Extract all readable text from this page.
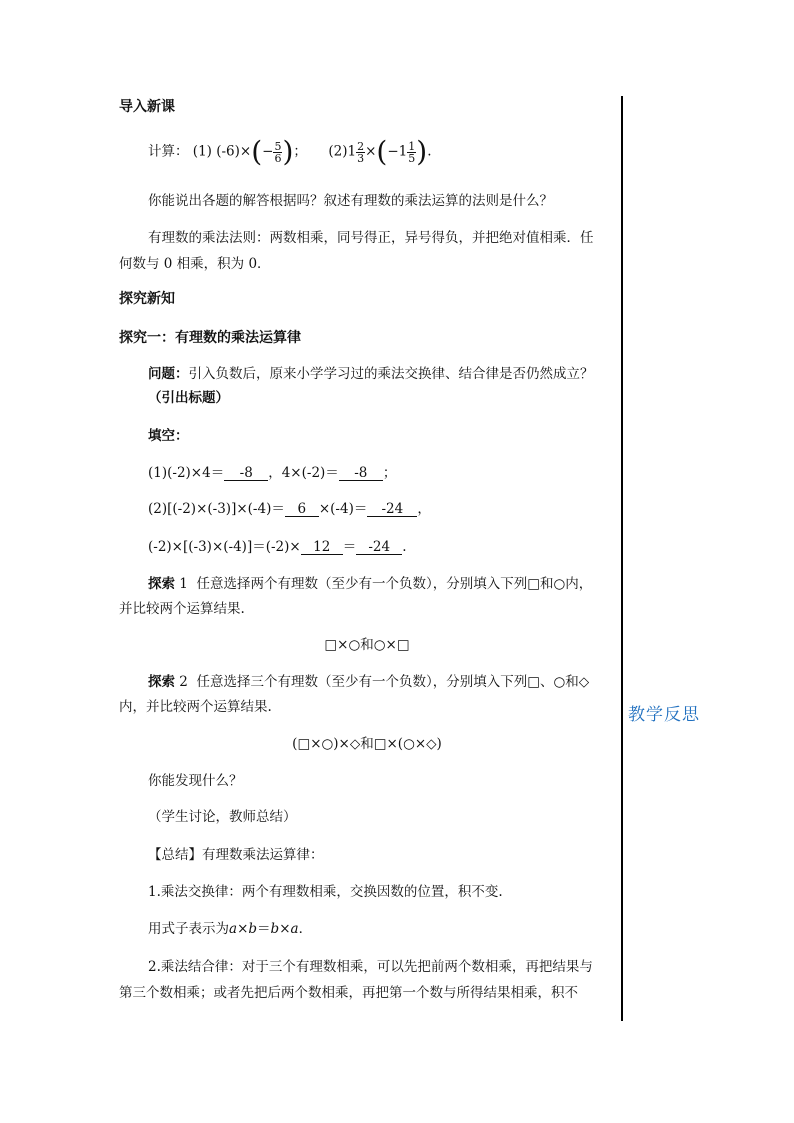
教学反思
导入新课
计算： (1) $(-6)\times(- \frac{5}{6}$ )； $(2)1 \frac{2}{3} \times(-1 \frac{1}{5}$ ).
你能说出各题的解答根据吗？叙述有理数的乘法运算的法则是什么？
有理数的乘法法则：两数相乘，同号得正，异号得负，并把绝对值相乘．任
何数与 0 相乘，积为 0．
探究新知
探究一：有理数的乘法运算律
问题：引入负数后，原来小学学习过的乘法交换律、结合律是否仍然成立？
（引出标题）
填空：
(1)(-2)×4＝ -8 ，4×(-2)＝ -8 ；
(2)[(-2)×(-3)]×(-4)＝ 6 ×(-4)＝ -24 ，
(-2)×[(-3)×(-4)]＝(-2)× 12 ＝ -24 .
探索 1 任意选择两个有理数（至少有一个负数），分别填入下列□和○内，
并比较两个运算结果.
□×○和○×□
探索 2 任意选择三个有理数（至少有一个负数），分别填入下列□、○和◇
内，并比较两个运算结果.
(□×○)×◇和□×(○×◇)
你能发现什么？
（学生讨论，教师总结）
【总结】有理数乘法运算律：
1.乘法交换律：两个有理数相乘，交换因数的位置，积不变.
用式子表示为a×b＝b×a．
2.乘法结合律：对于三个有理数相乘，可以先把前两个数相乘，再把结果与
第三个数相乘；或者先把后两个数相乘，再把第一个数与所得结果相乘，积不
